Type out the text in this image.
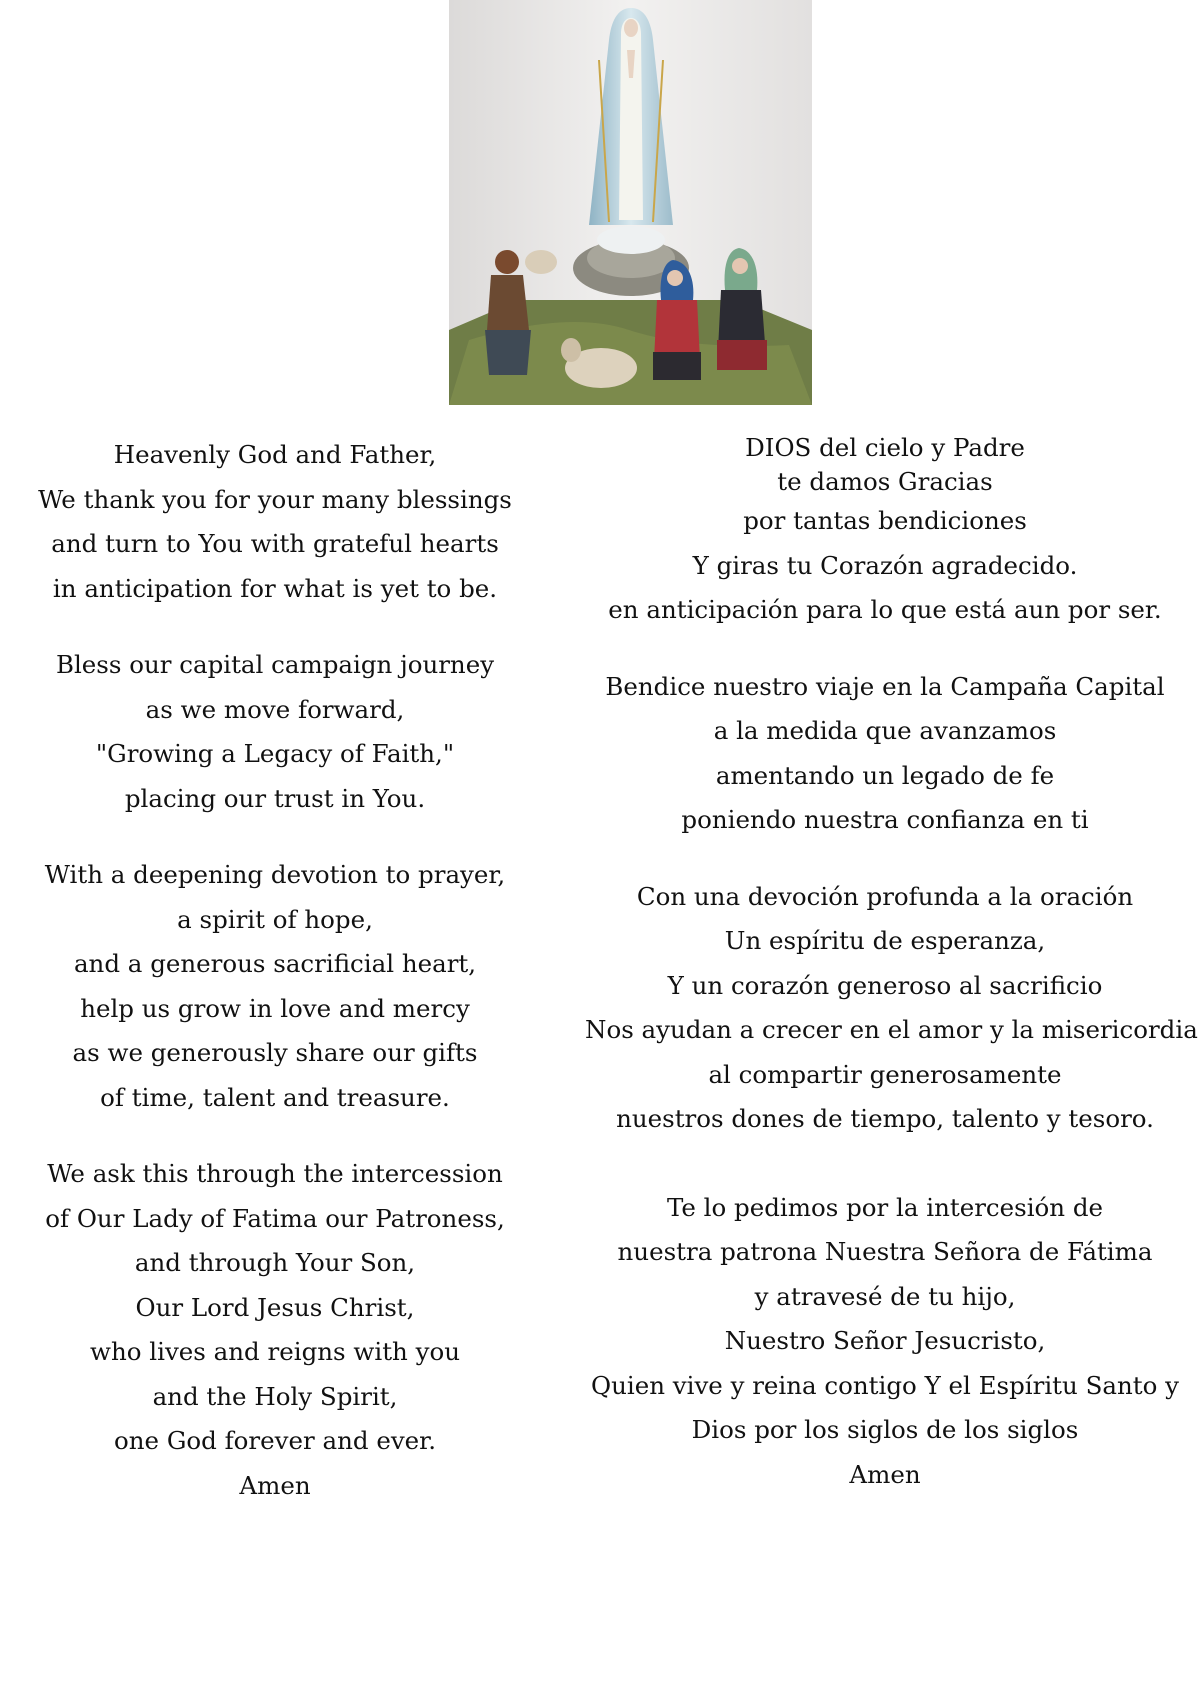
Heavenly God and Father,
We thank you for your many blessings
and turn to You with grateful hearts
in anticipation for what is yet to be.

Bless our capital campaign journey
as we move forward,
"Growing a Legacy of Faith,"
placing our trust in You.

With a deepening devotion to prayer,
a spirit of hope,
and a generous sacrificial heart,
help us grow in love and mercy
as we generously share our gifts
of time, talent and treasure.

We ask this through the intercession
of Our Lady of Fatima our Patroness,
and through Your Son,
Our Lord Jesus Christ,
who lives and reigns with you
and the Holy Spirit,
one God forever and ever.
Amen

DIOS del cielo y Padre
te damos Gracias
por tantas bendiciones
Y giras tu Corazón agradecido.
en anticipación para lo que está aun por ser.

Bendice nuestro viaje en la Campaña Capital
a la medida que avanzamos
amentando un legado de fe
poniendo nuestra confianza en ti

Con una devoción profunda a la oración
Un espíritu de esperanza,
Y un corazón generoso al sacrificio
Nos ayudan a crecer en el amor y la misericordia
al compartir generosamente
nuestros dones de tiempo, talento y tesoro.

Te lo pedimos por la intercesión de
nuestra patrona Nuestra Señora de Fátima
y atravesé de tu hijo,
Nuestro Señor Jesucristo,
Quien vive y reina contigo Y el Espíritu Santo y
Dios por los siglos de los siglos
Amen
